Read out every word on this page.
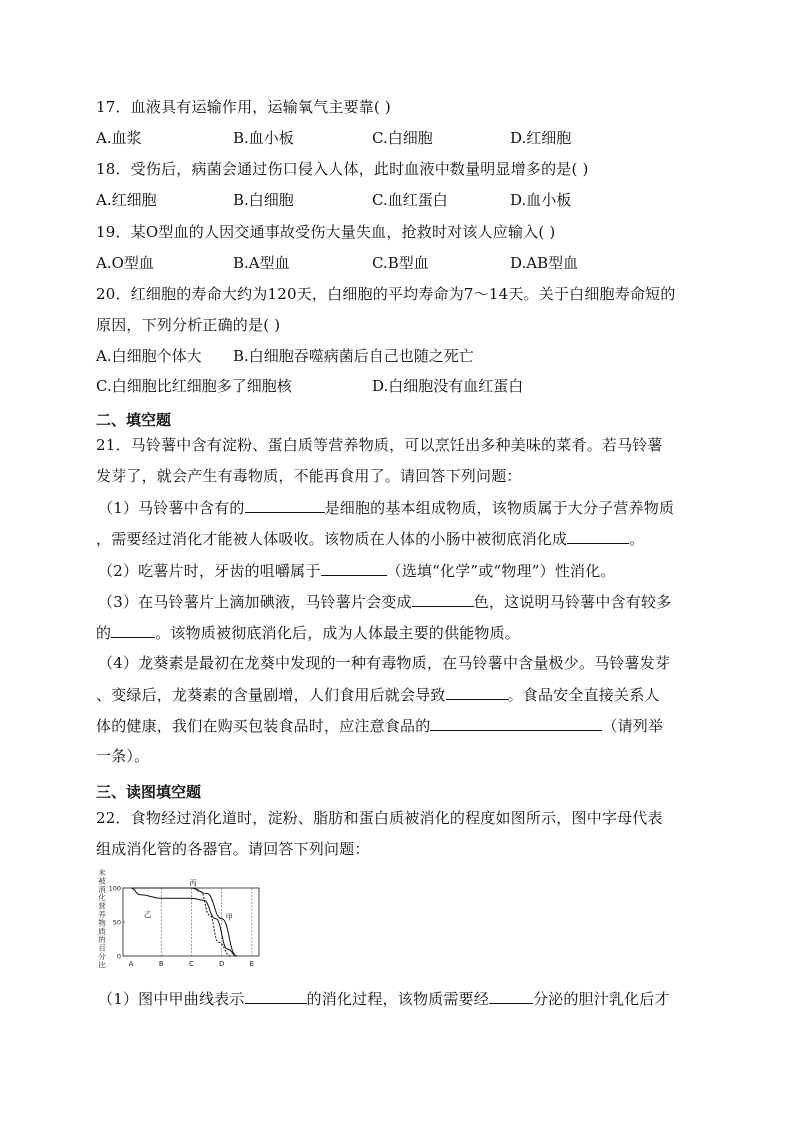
17．血液具有运输作用，运输氧气主要靠( )
A.血浆	B.血小板	C.白细胞	D.红细胞
18．受伤后，病菌会通过伤口侵入人体，此时血液中数量明显增多的是( )
A.红细胞	B.白细胞	C.血红蛋白	D.血小板
19．某O型血的人因交通事故受伤大量失血，抢救时对该人应输入( )
A.O型血	B.A型血	C.B型血	D.AB型血
20．红细胞的寿命大约为120天，白细胞的平均寿命为7～14天。关于白细胞寿命短的
原因，下列分析正确的是( )
A.白细胞个体大 B.白细胞吞噬病菌后自己也随之死亡
C.白细胞比红细胞多了细胞核	D.白细胞没有血红蛋白
二、填空题
21．马铃薯中含有淀粉、蛋白质等营养物质，可以烹饪出多种美味的菜肴。若马铃薯
发芽了，就会产生有毒物质，不能再食用了。请回答下列问题：
（1）马铃薯中含有的	是细胞的基本组成物质，该物质属于大分子营养物质
，需要经过消化才能被人体吸收。该物质在人体的小肠中被彻底消化成	。
（2）吃薯片时，牙齿的咀嚼属于	（选填“化学”或“物理”）性消化。
（3）在马铃薯片上滴加碘液，马铃薯片会变成	色，这说明马铃薯中含有较多
的	。该物质被彻底消化后，成为人体最主要的供能物质。
（4）龙葵素是最初在龙葵中发现的一种有毒物质，在马铃薯中含量极少。马铃薯发芽
、变绿后，龙葵素的含量剧增，人们食用后就会导致	。食品安全直接关系人
体的健康，我们在购买包装食品时，应注意食品的	（请列举
一条）。
三、读图填空题
22．食物经过消化道时，淀粉、脂肪和蛋白质被消化的程度如图所示，图中字母代表
组成消化管的各器官。请回答下列问题：
未
被
消
化
营
养
物
质
的
百
分
比
0
50
100
A	B	C	D	E
甲
乙
丙
（1）图中甲曲线表示	的消化过程，该物质需要经	分泌的胆汁乳化后才
